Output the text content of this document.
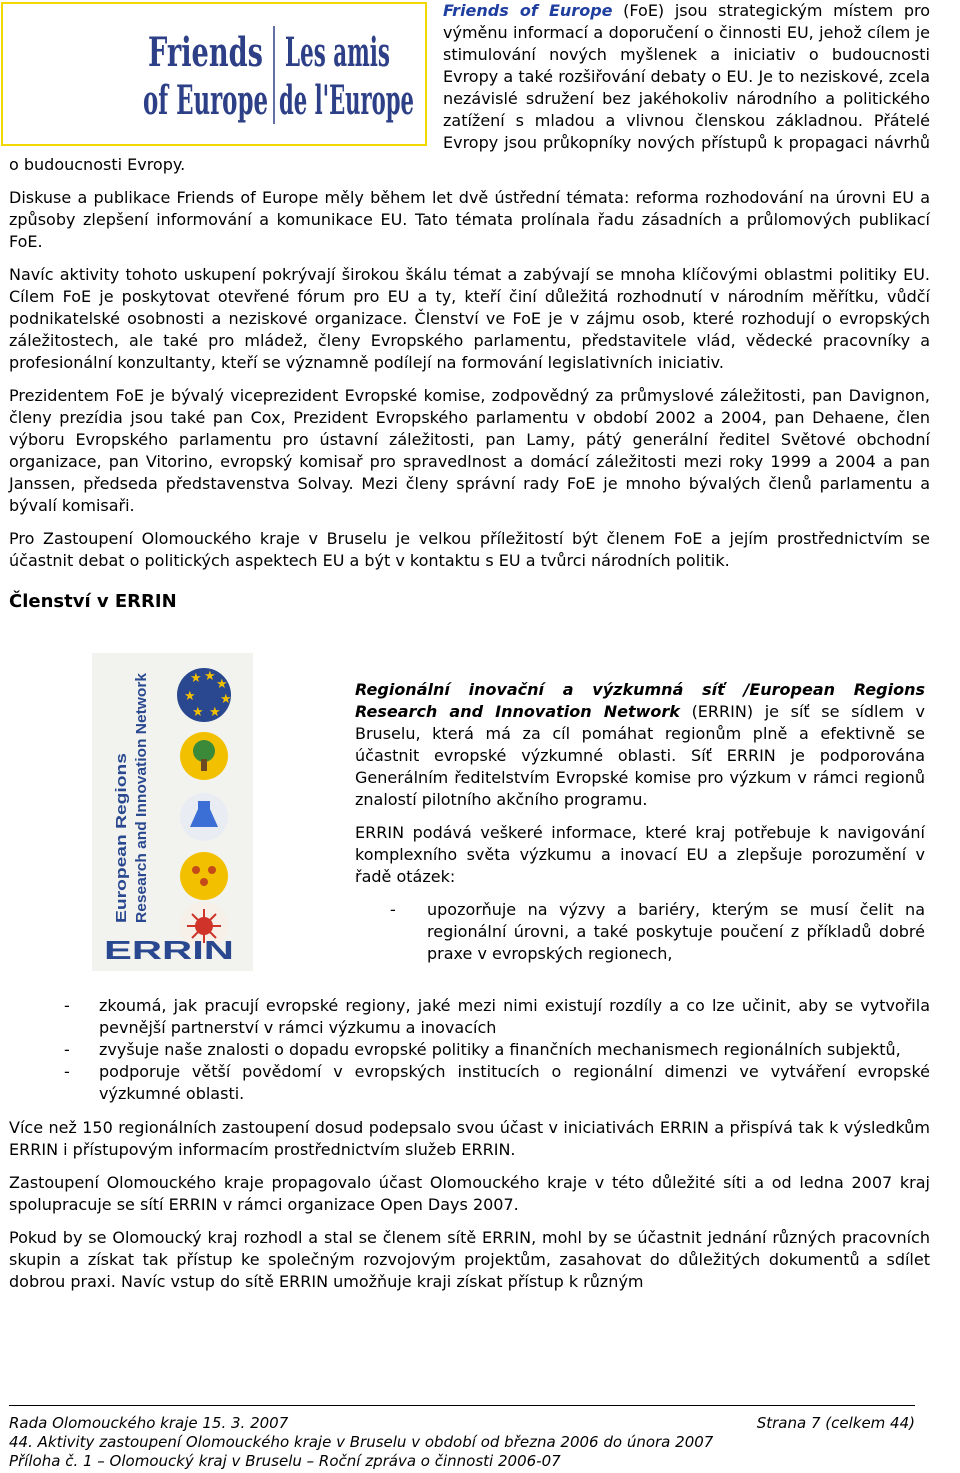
Friends
of Europe
Les amis
de l'Europe

Friends of Europe (FoE) jsou strategickým místem pro výměnu informací a doporučení o činnosti EU, jehož cílem je stimulování nových myšlenek a iniciativ o budoucnosti Evropy a také rozšiřování debaty o EU. Je to neziskové, zcela nezávislé sdružení bez jakéhokoliv národního a politického zatížení s mladou a vlivnou členskou základnou. Přátelé Evropy jsou průkopníky nových přístupů k propagaci návrhů o budoucnosti Evropy.

Diskuse a publikace Friends of Europe měly během let dvě ústřední témata: reforma rozhodování na úrovni EU a způsoby zlepšení informování a komunikace EU. Tato témata prolínala řadu zásadních a průlomových publikací FoE.

Navíc aktivity tohoto uskupení pokrývají širokou škálu témat a zabývají se mnoha klíčovými oblastmi politiky EU. Cílem FoE je poskytovat otevřené fórum pro EU a ty, kteří činí důležitá rozhodnutí v národním měřítku, vůdčí podnikatelské osobnosti a neziskové organizace. Členství ve FoE je v zájmu osob, které rozhodují o evropských záležitostech, ale také pro mládež, členy Evropského parlamentu, představitele vlád, vědecké pracovníky a profesionální konzultanty, kteří se významně podílejí na formování legislativních iniciativ.

Prezidentem FoE je bývalý viceprezident Evropské komise, zodpovědný za průmyslové záležitosti, pan Davignon, členy prezídia jsou také pan Cox, Prezident Evropského parlamentu v období 2002 a 2004, pan Dehaene, člen výboru Evropského parlamentu pro ústavní záležitosti, pan Lamy, pátý generální ředitel Světové obchodní organizace, pan Vitorino, evropský komisař pro spravedlnost a domácí záležitosti mezi roky 1999 a 2004 a pan Janssen, předseda představenstva Solvay. Mezi členy správní rady FoE je mnoho bývalých členů parlamentu a bývalí komisaři.

Pro Zastoupení Olomouckého kraje v Bruselu je velkou příležitostí být členem FoE a jejím prostřednictvím se účastnit debat o politických aspektech EU a být v kontaktu s EU a tvůrci národních politik.

Členství v ERRIN
European Regions Research and Innovation Network
★ ★
★
★ ★
★ ★
ERRIN

Regionální inovační a výzkumná síť /European Regions Research and Innovation Network (ERRIN) je síť se sídlem v Bruselu, která má za cíl pomáhat regionům plně a efektivně se účastnit evropské výzkumné oblasti. Síť ERRIN je podporována Generálním ředitelstvím Evropské komise pro výzkum v rámci regionů znalostí pilotního akčního programu.

ERRIN podává veškeré informace, které kraj potřebuje k navigování komplexního světa výzkumu a inovací EU a zlepšuje porozumění v řadě otázek:

- upozorňuje na výzvy a bariéry, kterým se musí čelit na regionální úrovni, a také poskytuje poučení z příkladů dobré praxe v evropských regionech,
- zkoumá, jak pracují evropské regiony, jaké mezi nimi existují rozdíly a co lze učinit, aby se vytvořila pevnější partnerství v rámci výzkumu a inovacích
- zvyšuje naše znalosti o dopadu evropské politiky a finančních mechanismech regionálních subjektů,
- podporuje větší povědomí v evropských institucích o regionální dimenzi ve vytváření evropské výzkumné oblasti.

Více než 150 regionálních zastoupení dosud podepsalo svou účast v iniciativách ERRIN a přispívá tak k výsledkům ERRIN i přístupovým informacím prostřednictvím služeb ERRIN.

Zastoupení Olomouckého kraje propagovalo účast Olomouckého kraje v této důležité síti a od ledna 2007 kraj spolupracuje se sítí ERRIN v rámci organizace Open Days 2007.

Pokud by se Olomoucký kraj rozhodl a stal se členem sítě ERRIN, mohl by se účastnit jednání různých pracovních skupin a získat tak přístup ke společným rozvojovým projektům, zasahovat do důležitých dokumentů a sdílet dobrou praxi. Navíc vstup do sítě ERRIN umožňuje kraji získat přístup k různým

Rada Olomouckého kraje 15. 3. 2007	Strana 7 (celkem 44)
44. Aktivity zastoupení Olomouckého kraje v Bruselu v období od března 2006 do února 2007
Příloha č. 1 – Olomoucký kraj v Bruselu – Roční zpráva o činnosti 2006-07
